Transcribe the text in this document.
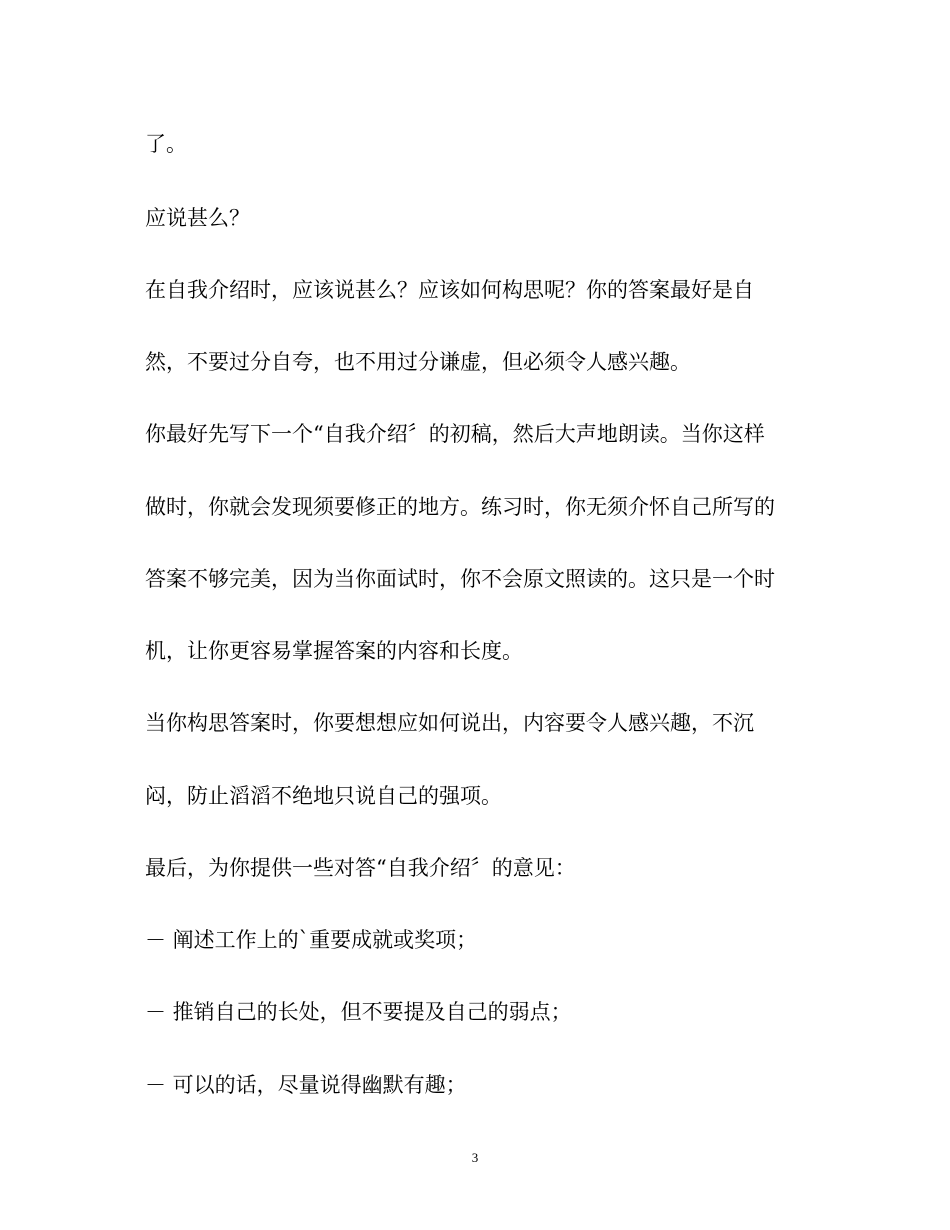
了。
应说甚么？
在自我介绍时，应该说甚么？应该如何构思呢？你的答案最好是自
然，不要过分自夸，也不用过分谦虚，但必须令人感兴趣。
你最好先写下一个“自我介绍〞的初稿，然后大声地朗读。当你这样
做时，你就会发现须要修正的地方。练习时，你无须介怀自己所写的
答案不够完美，因为当你面试时，你不会原文照读的。这只是一个时
机，让你更容易掌握答案的内容和长度。
当你构思答案时，你要想想应如何说出，内容要令人感兴趣，不沉
闷，防止滔滔不绝地只说自己的强项。
最后，为你提供一些对答“自我介绍〞的意见：
－ 阐述工作上的`重要成就或奖项；
－ 推销自己的长处，但不要提及自己的弱点；
－ 可以的话，尽量说得幽默有趣；
3
